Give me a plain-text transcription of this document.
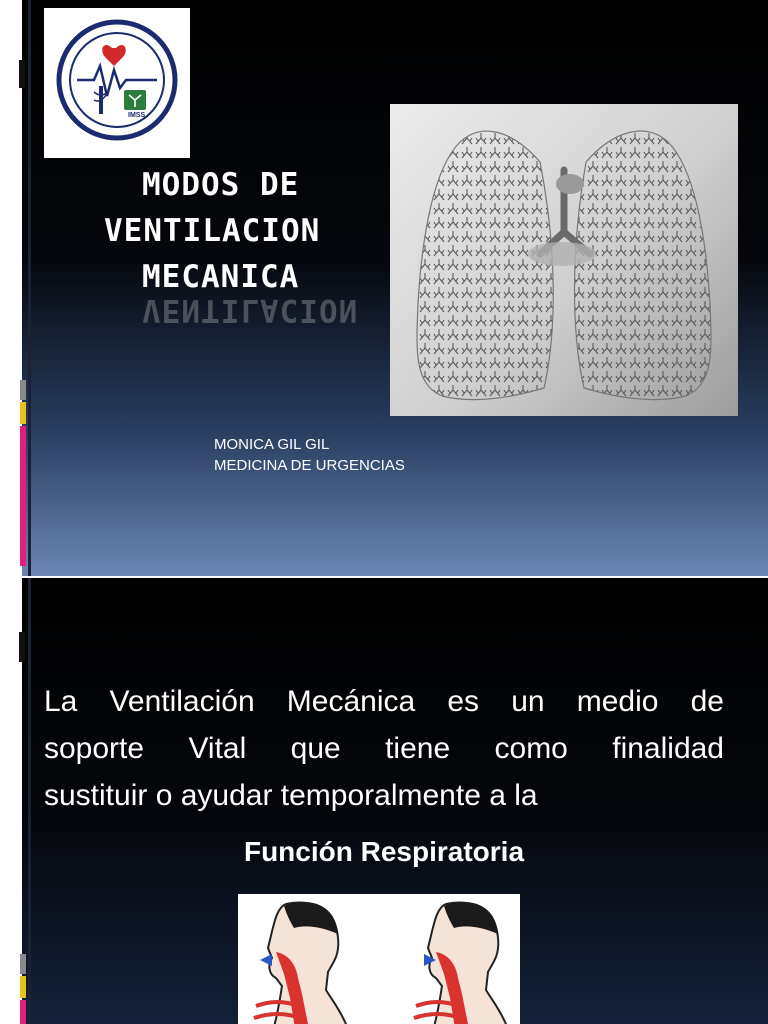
IMSS
MODOS DE
VENTILACION
MECANICA
VENTILACION
MONICA GIL GIL
MEDICINA DE URGENCIAS
La Ventilación Mecánica es un medio de
soporte Vital que tiene como finalidad
sustituir o ayudar temporalmente a la
Función Respiratoria
